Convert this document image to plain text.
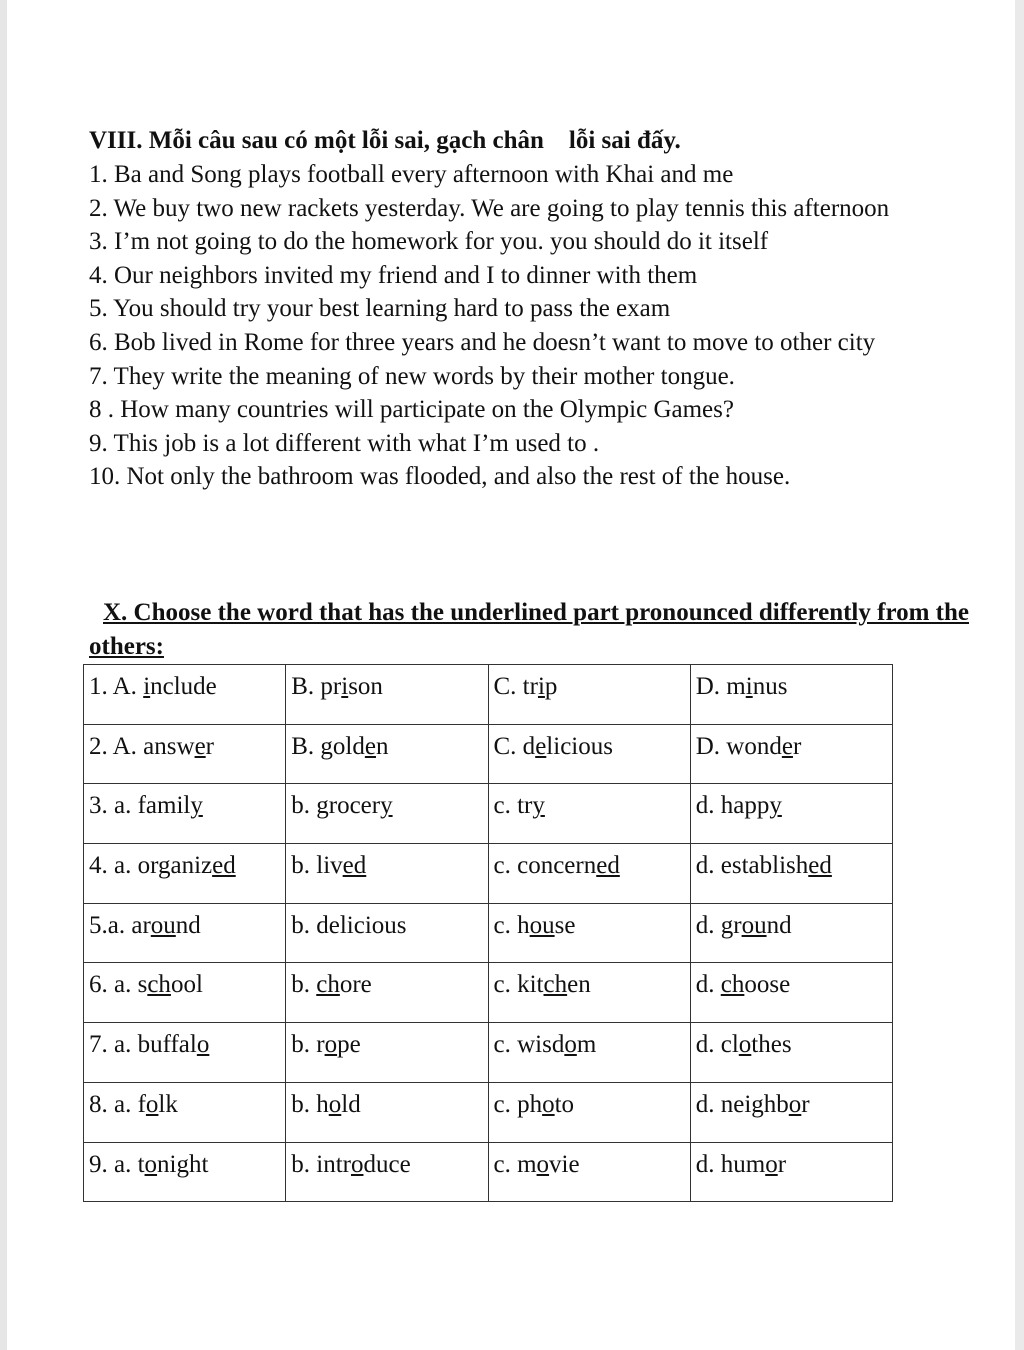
VIII. Mỗi câu sau có một lỗi sai, gạch chân    lỗi sai đấy.

1. Ba and Song plays football every afternoon with Khai and me

2. We buy two new rackets yesterday. We are going to play tennis this afternoon

3. I’m not going to do the homework for you. you should do it itself

4. Our neighbors invited my friend and I to dinner with them

5. You should try your best learning hard to pass the exam

6. Bob lived in Rome for three years and he doesn’t want to move to other city

7. They write the meaning of new words by their mother tongue.

8 . How many countries will participate on the Olympic Games?

9. This job is a lot different with what I’m used to .

10. Not only the bathroom was flooded, and also the rest of the house.

X. Choose the word that has the underlined part pronounced differently from the others:
1. A. include	B. prison	C. trip	D. minus
2. A. answer	B. golden	C. delicious	D. wonder
3. a. family	b. grocery	c. try	d. happy
4. a. organized	b. lived	c. concerned	d. established
5.a. around	b. delicious	c. house	d. ground
6. a. school	b. chore	c. kitchen	d. choose
7. a. buffalo	b. rope	c. wisdom	d. clothes
8. a. folk	b. hold	c. photo	d. neighbor
9. a. tonight	b. introduce	c. movie	d. humor
